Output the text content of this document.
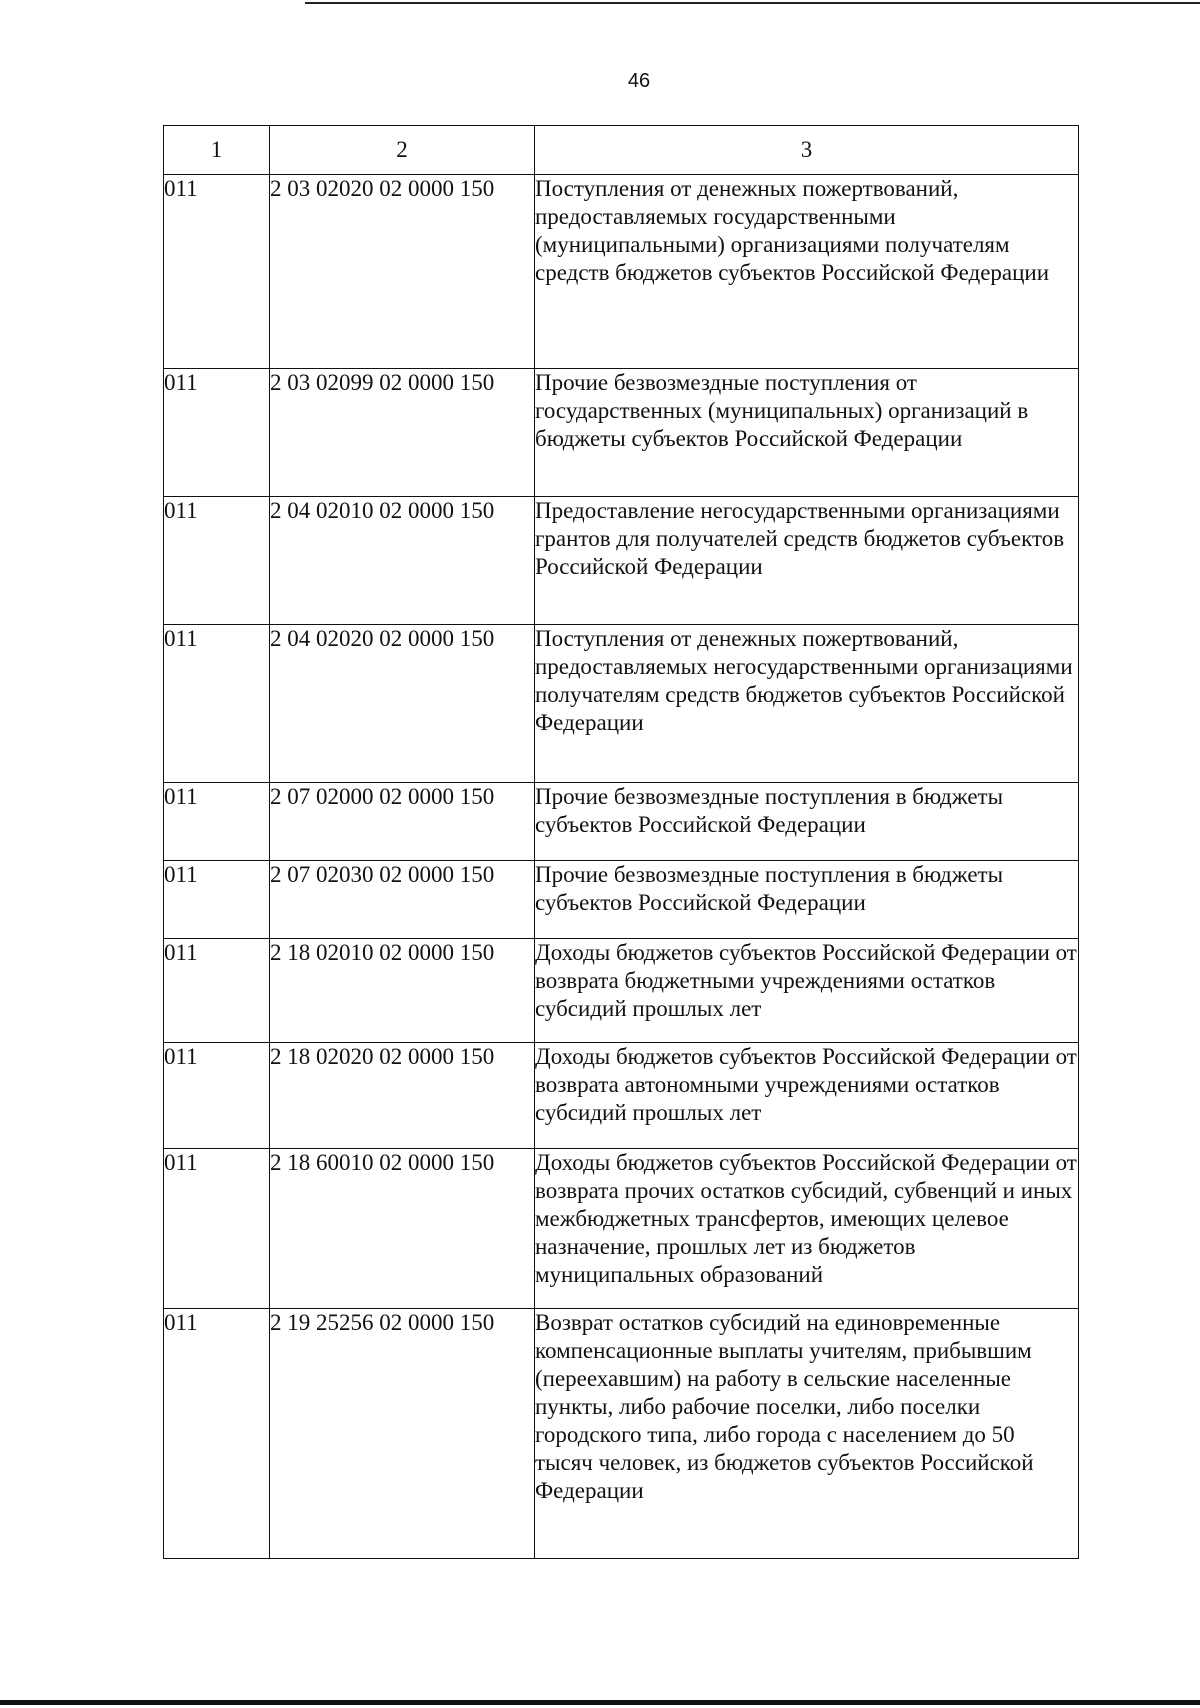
46
1	2	3
011	2 03 02020 02 0000 150	Поступления от денежных пожертвований, предоставляемых государственными (муниципальными) организациями получателям средств бюджетов субъектов Российской Федерации
011	2 03 02099 02 0000 150	Прочие безвозмездные поступления от государственных (муниципальных) организаций в бюджеты субъектов Российской Федерации
011	2 04 02010 02 0000 150	Предоставление негосударственными организациями грантов для получателей средств бюджетов субъектов Российской Федерации
011	2 04 02020 02 0000 150	Поступления от денежных пожертвований, предоставляемых негосударственными организациями получателям средств бюджетов субъектов Российской Федерации
011	2 07 02000 02 0000 150	Прочие безвозмездные поступления в бюджеты субъектов Российской Федерации
011	2 07 02030 02 0000 150	Прочие безвозмездные поступления в бюджеты субъектов Российской Федерации
011	2 18 02010 02 0000 150	Доходы бюджетов субъектов Российской Федерации от возврата бюджетными учреждениями остатков субсидий прошлых лет
011	2 18 02020 02 0000 150	Доходы бюджетов субъектов Российской Федерации от возврата автономными учреждениями остатков субсидий прошлых лет
011	2 18 60010 02 0000 150	Доходы бюджетов субъектов Российской Федерации от возврата прочих остатков субсидий, субвенций и иных межбюджетных трансфертов, имеющих целевое назначение, прошлых лет из бюджетов муниципальных образований
011	2 19 25256 02 0000 150	Возврат остатков субсидий на единовременные компенсационные выплаты учителям, прибывшим (переехавшим) на работу в сельские населенные пункты, либо рабочие поселки, либо поселки городского типа, либо города с населением до 50 тысяч человек, из бюджетов субъектов Российской Федерации
